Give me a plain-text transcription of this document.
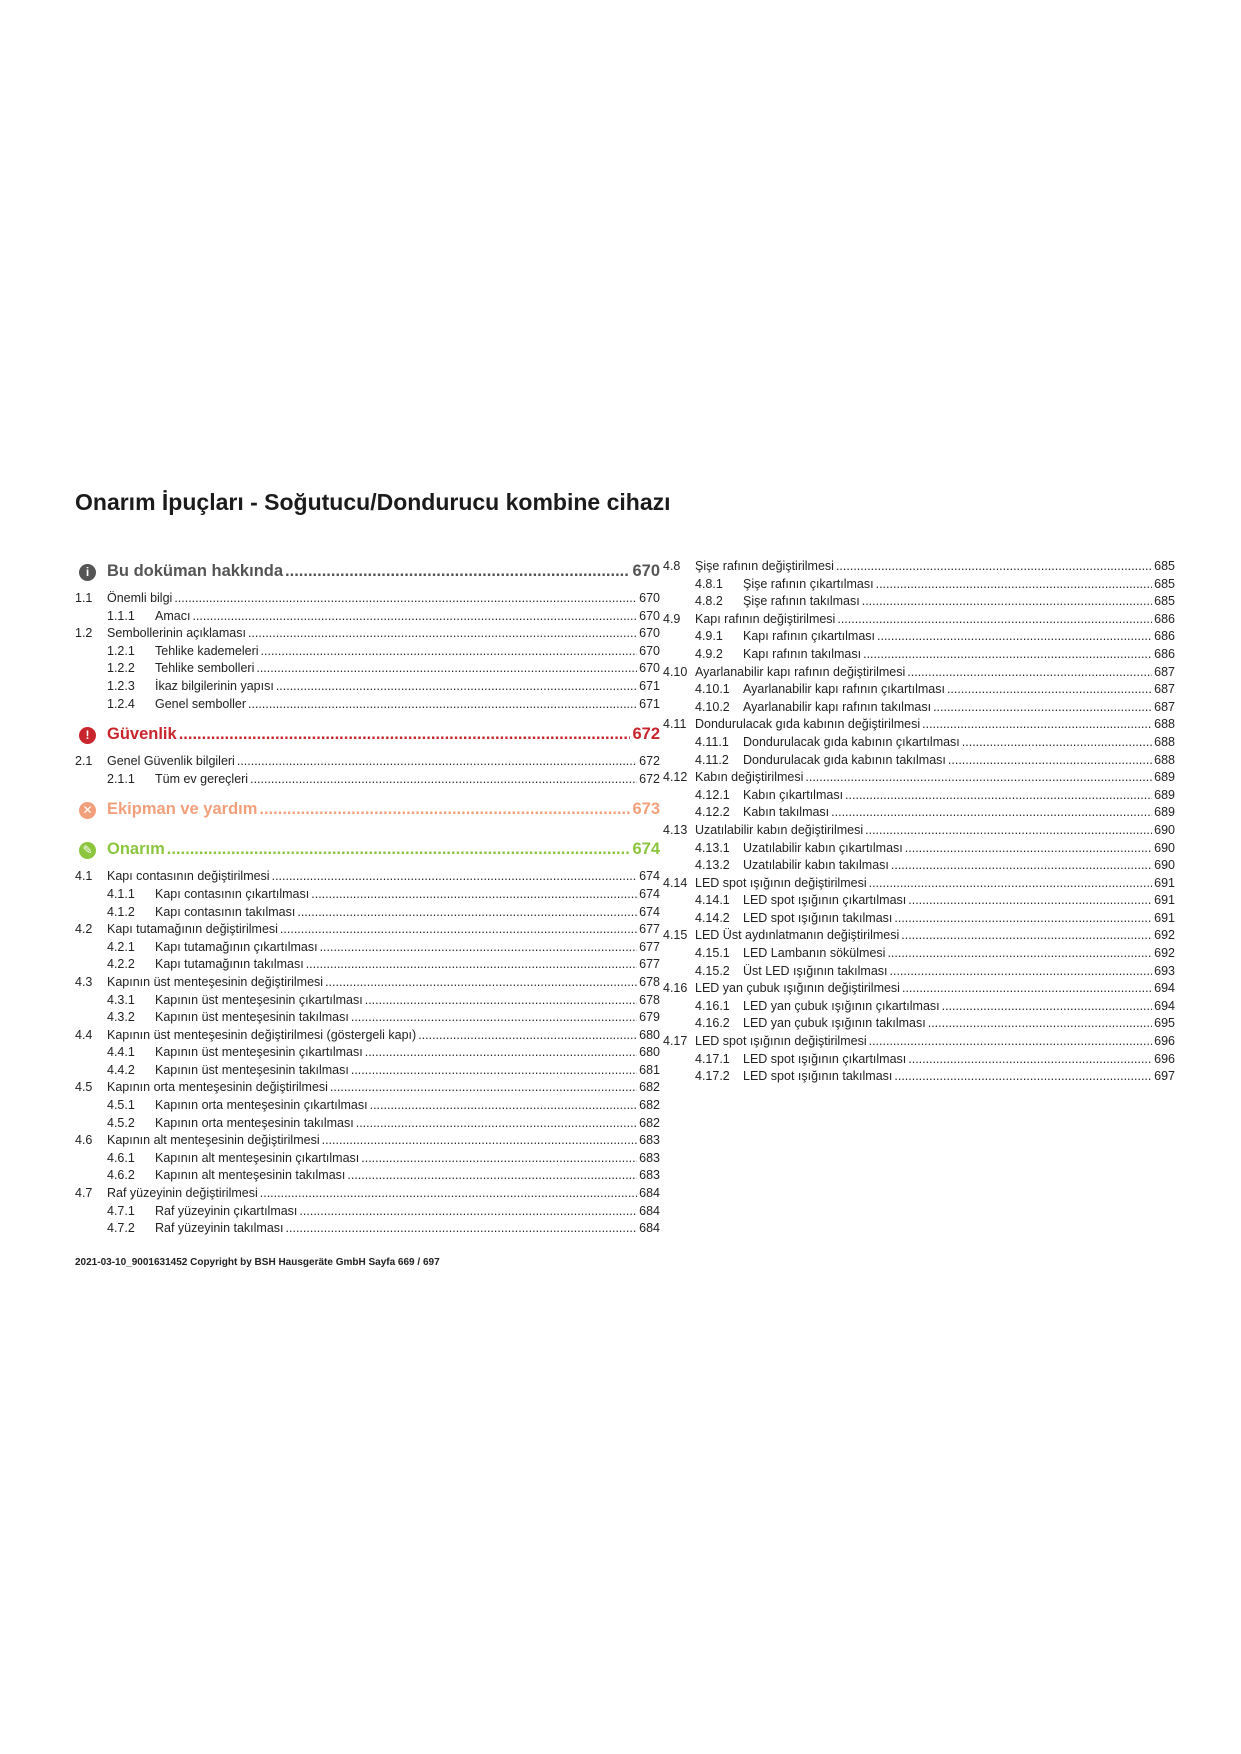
Onarım İpuçları - Soğutucu/Dondurucu kombine cihazı
i	Bu doküman hakkında .....	670
1.1 Önemli bilgi .....	670
1.1.1 Amacı .....	670
1.2 Sembollerinin açıklaması .....	670
1.2.1 Tehlike kademeleri .....	670
1.2.2 Tehlike sembolleri .....	670
1.2.3 İkaz bilgilerinin yapısı .....	671
1.2.4 Genel semboller .....	671
!	Güvenlik .....	672
2.1 Genel Güvenlik bilgileri .....	672
2.1.1 Tüm ev gereçleri .....	672
✕ Ekipman ve yardım .....	673
✎ Onarım .....	674
4.1 Kapı contasının değiştirilmesi .....	674
4.1.1 Kapı contasının çıkartılması .....	674
4.1.2 Kapı contasının takılması .....	674
4.2 Kapı tutamağının değiştirilmesi .....	677
4.2.1 Kapı tutamağının çıkartılması .....	677
4.2.2 Kapı tutamağının takılması .....	677
4.3 Kapının üst menteşesinin değiştirilmesi .....	678
4.3.1 Kapının üst menteşesinin çıkartılması .....	678
4.3.2 Kapının üst menteşesinin takılması .....	679
4.4 Kapının üst menteşesinin değiştirilmesi (göstergeli kapı) .....	680
4.4.1 Kapının üst menteşesinin çıkartılması .....	680
4.4.2 Kapının üst menteşesinin takılması .....	681
4.5 Kapının orta menteşesinin değiştirilmesi .....	682
4.5.1 Kapının orta menteşesinin çıkartılması .....	682
4.5.2 Kapının orta menteşesinin takılması .....	682
4.6 Kapının alt menteşesinin değiştirilmesi .....	683
4.6.1 Kapının alt menteşesinin çıkartılması .....	683
4.6.2 Kapının alt menteşesinin takılması .....	683
4.7 Raf yüzeyinin değiştirilmesi .....	684
4.7.1 Raf yüzeyinin çıkartılması .....	684
4.7.2 Raf yüzeyinin takılması .....	684
4.8 Şişe rafının değiştirilmesi .....	685
4.8.1 Şişe rafının çıkartılması .....	685
4.8.2 Şişe rafının takılması .....	685
4.9 Kapı rafının değiştirilmesi .....	686
4.9.1 Kapı rafının çıkartılması .....	686
4.9.2 Kapı rafının takılması .....	686
4.10 Ayarlanabilir kapı rafının değiştirilmesi .....	687
4.10.1 Ayarlanabilir kapı rafının çıkartılması .....	687
4.10.2 Ayarlanabilir kapı rafının takılması .....	687
4.11 Dondurulacak gıda kabının değiştirilmesi .....	688
4.11.1 Dondurulacak gıda kabının çıkartılması .....	688
4.11.2 Dondurulacak gıda kabının takılması .....	688
4.12 Kabın değiştirilmesi .....	689
4.12.1 Kabın çıkartılması .....	689
4.12.2 Kabın takılması .....	689
4.13 Uzatılabilir kabın değiştirilmesi .....	690
4.13.1 Uzatılabilir kabın çıkartılması .....	690
4.13.2 Uzatılabilir kabın takılması .....	690
4.14 LED spot ışığının değiştirilmesi .....	691
4.14.1 LED spot ışığının çıkartılması .....	691
4.14.2 LED spot ışığının takılması .....	691
4.15 LED Üst aydınlatmanın değiştirilmesi .....	692
4.15.1 LED Lambanın sökülmesi .....	692
4.15.2 Üst LED ışığının takılması .....	693
4.16 LED yan çubuk ışığının değiştirilmesi .....	694
4.16.1 LED yan çubuk ışığının çıkartılması .....	694
4.16.2 LED yan çubuk ışığının takılması .....	695
4.17 LED spot ışığının değiştirilmesi .....	696
4.17.1 LED spot ışığının çıkartılması .....	696
4.17.2 LED spot ışığının takılması .....	697
2021-03-10_9001631452 Copyright by BSH Hausgeräte GmbH Sayfa 669 / 697
